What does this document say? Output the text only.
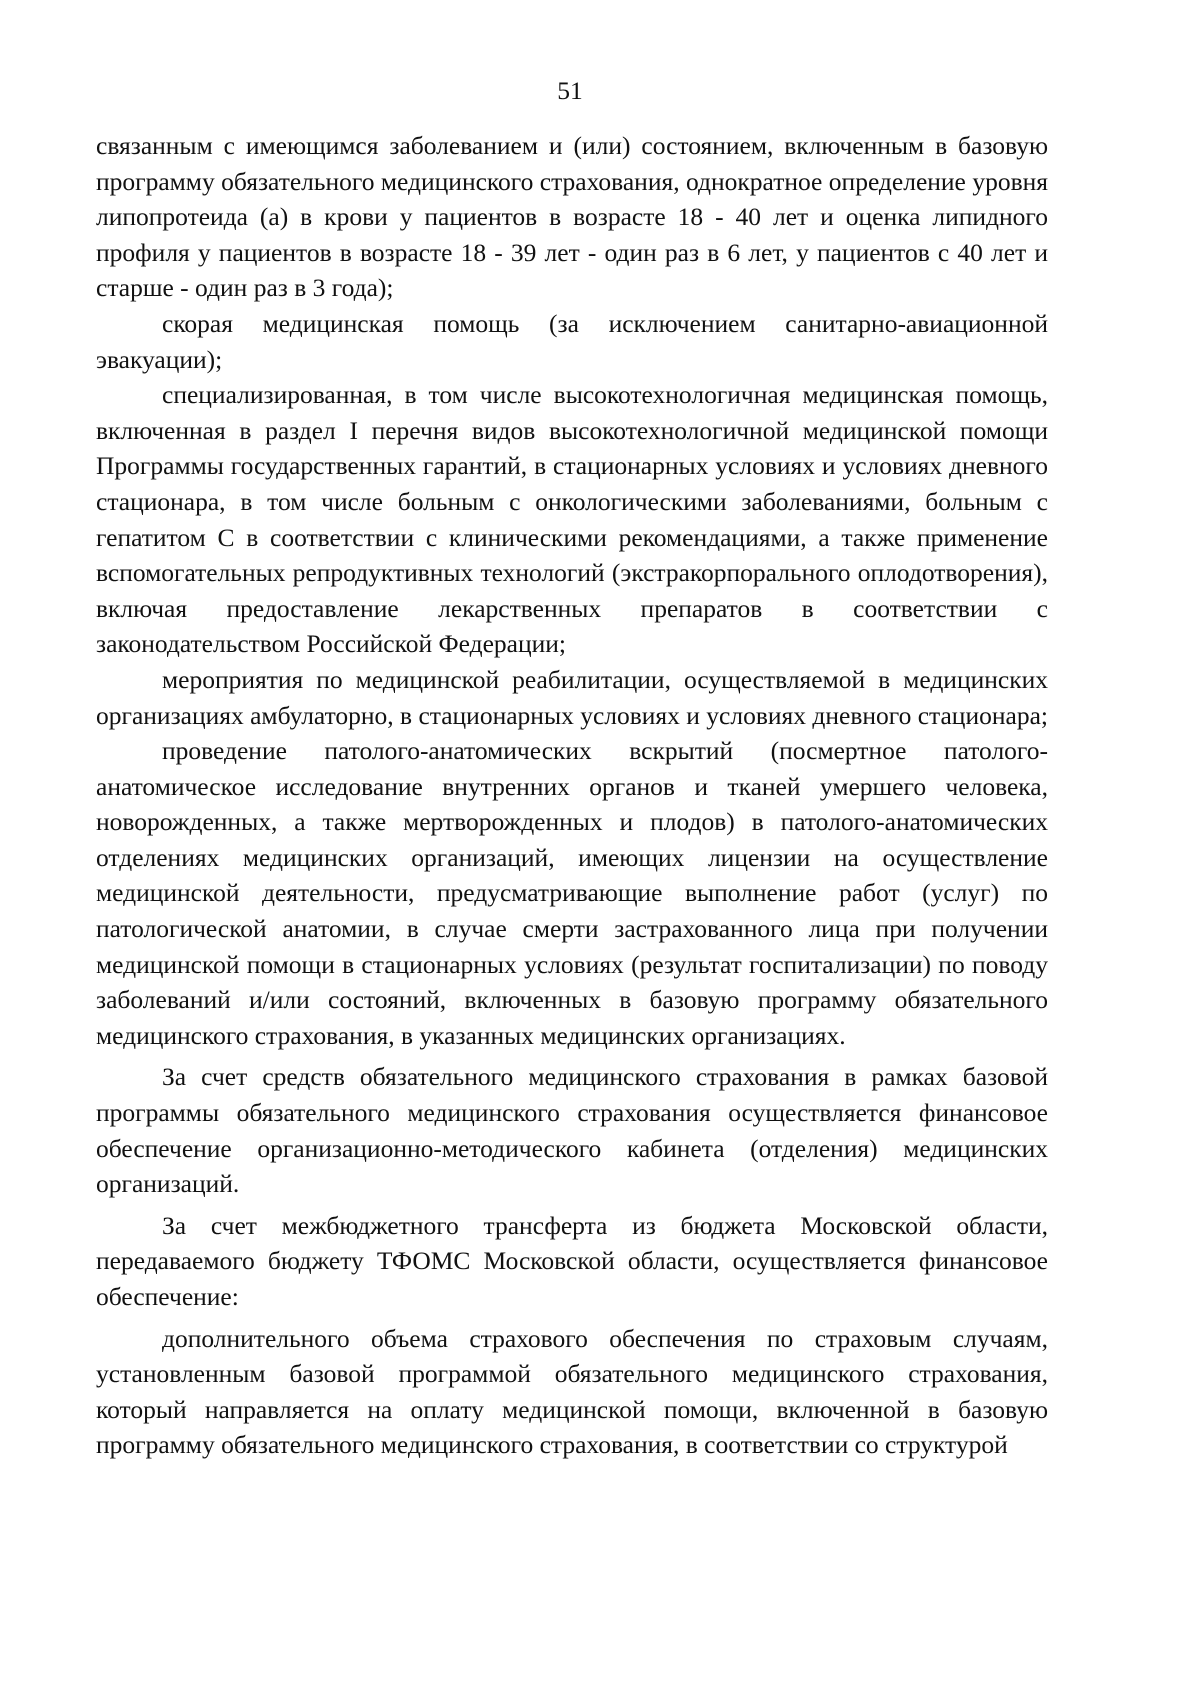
51

связанным с имеющимся заболеванием и (или) состоянием, включенным в базовую программу обязательного медицинского страхования, однократное определение уровня липопротеида (а) в крови у пациентов в возрасте 18 - 40 лет и оценка липидного профиля у пациентов в возрасте 18 - 39 лет - один раз в 6 лет, у пациентов с 40 лет и старше - один раз в 3 года);

скорая медицинская помощь (за исключением санитарно-авиационной эвакуации);

специализированная, в том числе высокотехнологичная медицинская помощь, включенная в раздел I перечня видов высокотехнологичной медицинской помощи Программы государственных гарантий, в стационарных условиях и условиях дневного стационара, в том числе больным с онкологическими заболеваниями, больным с гепатитом С в соответствии с клиническими рекомендациями, а также применение вспомогательных репродуктивных технологий (экстракорпорального оплодотворения), включая предоставление лекарственных препаратов в соответствии с законодательством Российской Федерации;

мероприятия по медицинской реабилитации, осуществляемой в медицинских организациях амбулаторно, в стационарных условиях и условиях дневного стационара;

проведение патолого-анатомических вскрытий (посмертное патолого-анатомическое исследование внутренних органов и тканей умершего человека, новорожденных, а также мертворожденных и плодов) в патолого-анатомических отделениях медицинских организаций, имеющих лицензии на осуществление медицинской деятельности, предусматривающие выполнение работ (услуг) по патологической анатомии, в случае смерти застрахованного лица при получении медицинской помощи в стационарных условиях (результат госпитализации) по поводу заболеваний и/или состояний, включенных в базовую программу обязательного медицинского страхования, в указанных медицинских организациях.

За счет средств обязательного медицинского страхования в рамках базовой программы обязательного медицинского страхования осуществляется финансовое обеспечение организационно-методического кабинета (отделения) медицинских организаций.

За счет межбюджетного трансферта из бюджета Московской области, передаваемого бюджету ТФОМС Московской области, осуществляется финансовое обеспечение:

дополнительного объема страхового обеспечения по страховым случаям, установленным базовой программой обязательного медицинского страхования, который направляется на оплату медицинской помощи, включенной в базовую программу обязательного медицинского страхования, в соответствии со структурой
